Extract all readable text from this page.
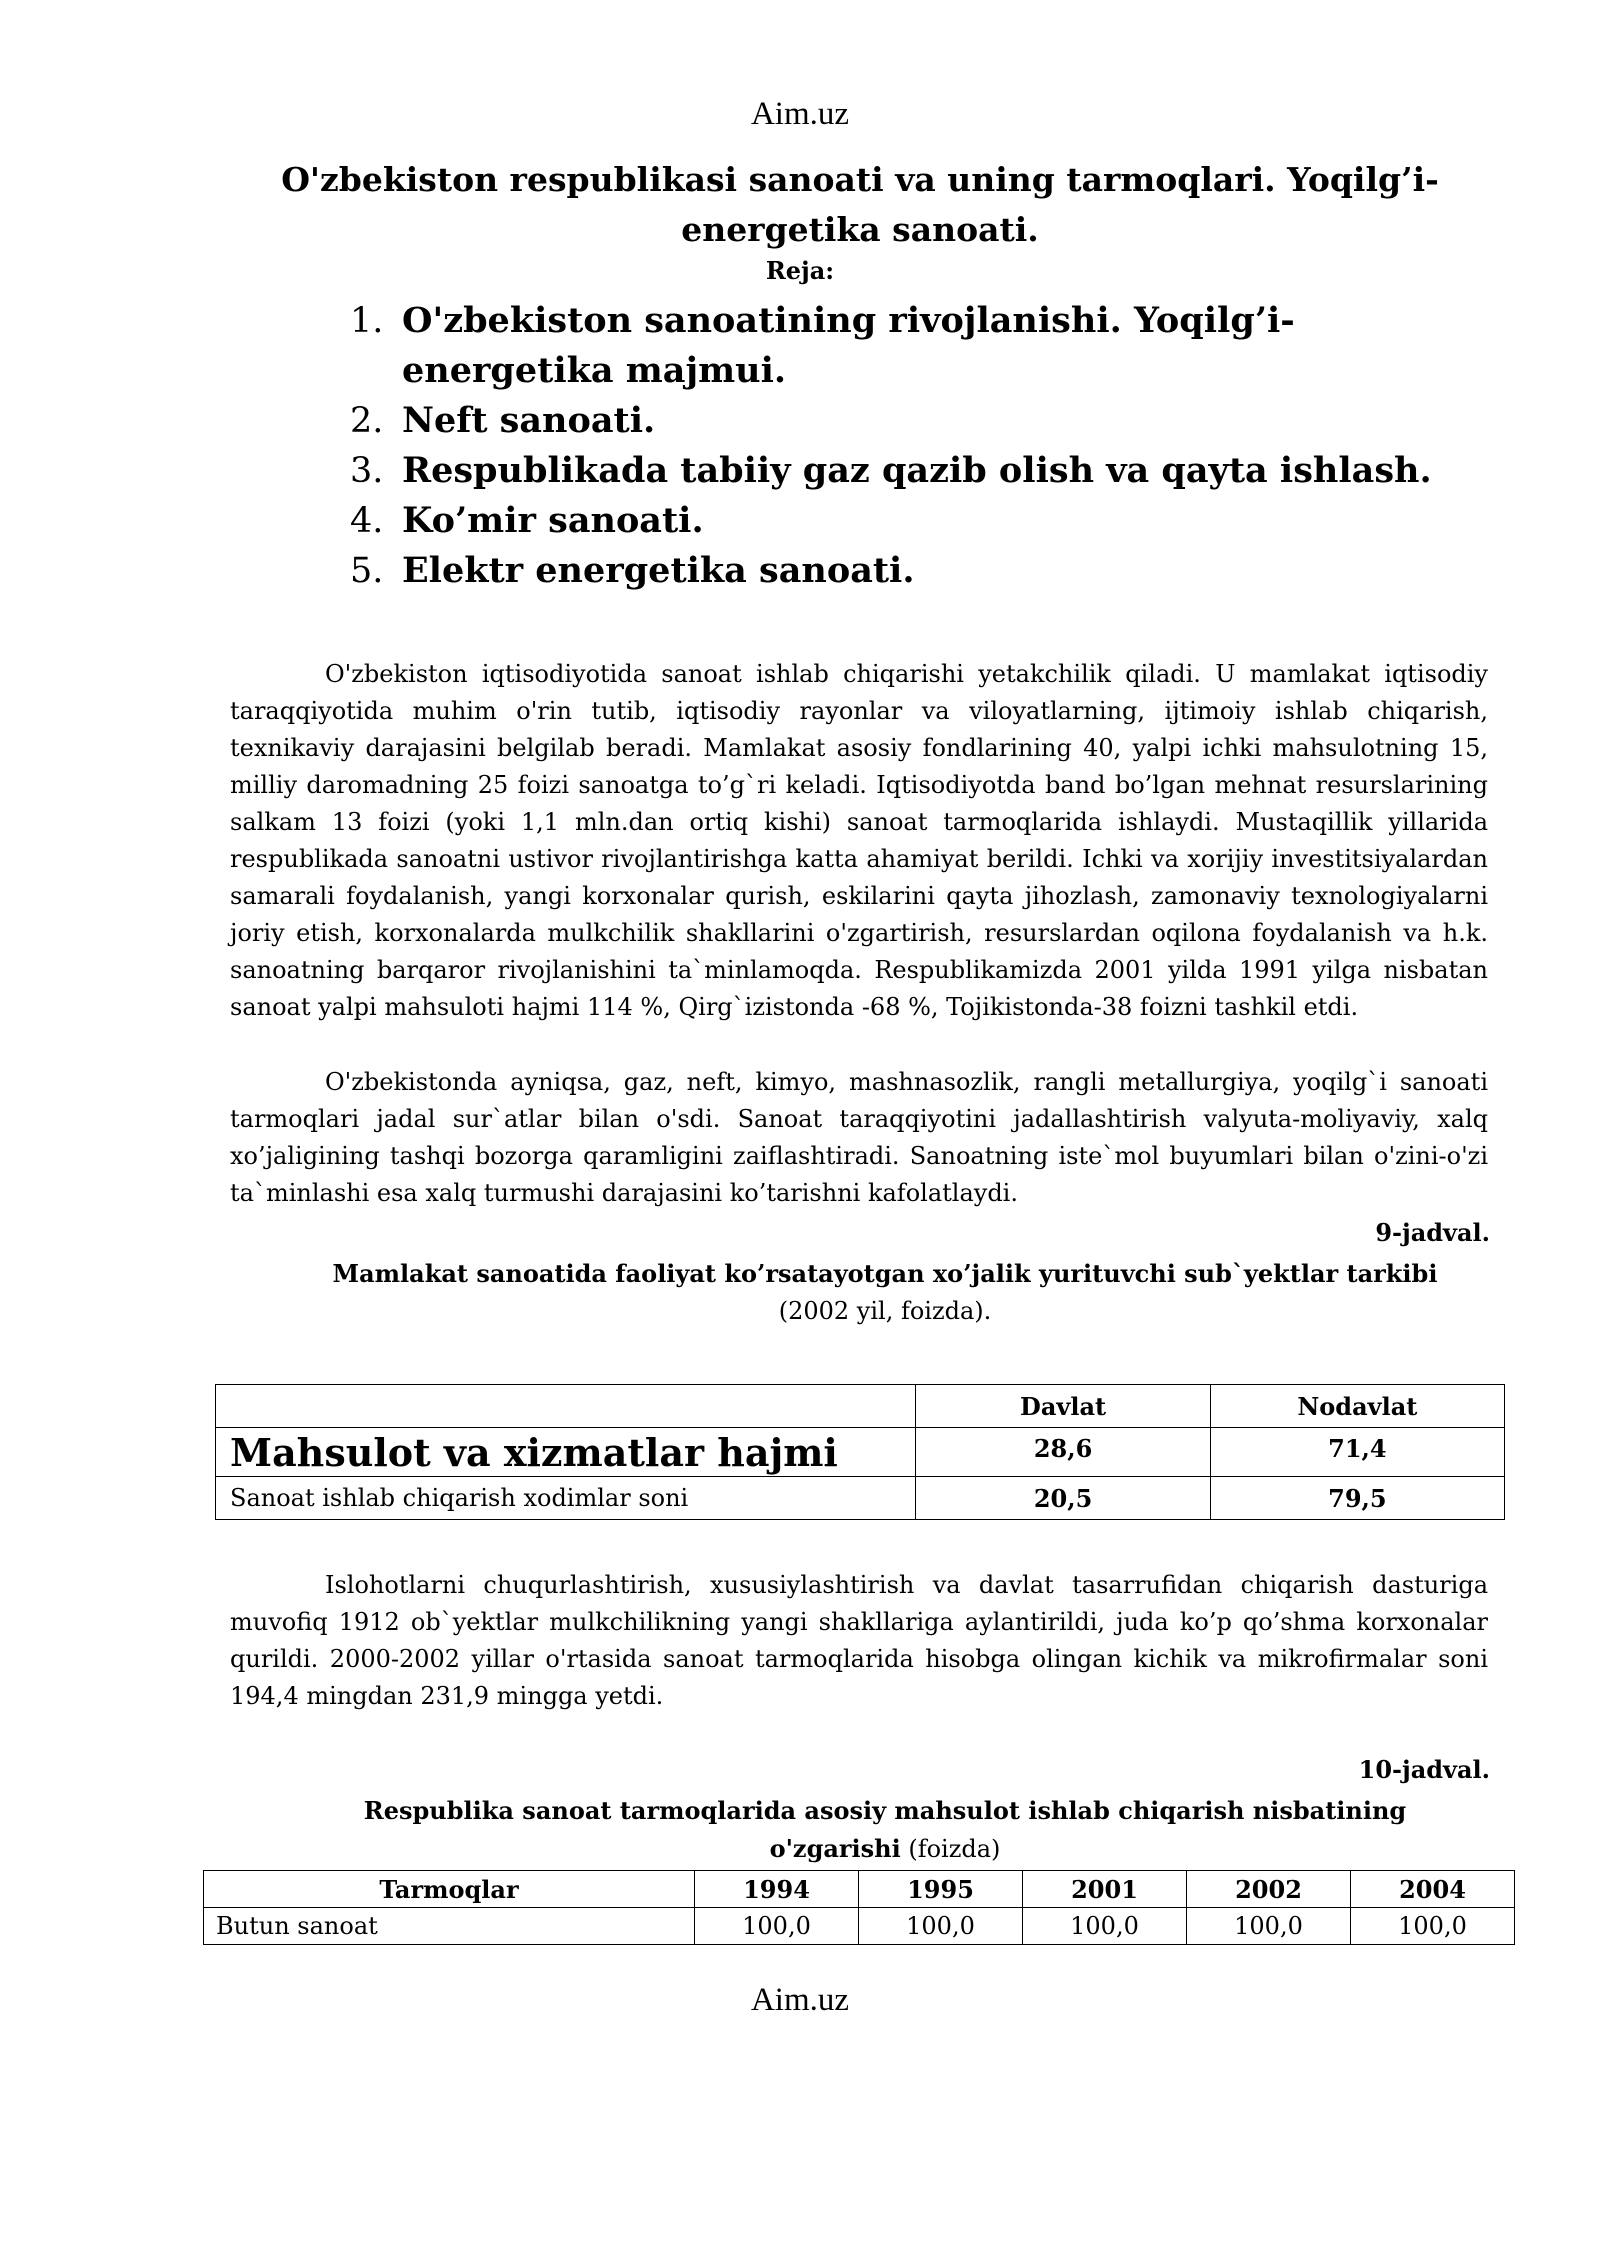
Aim.uz
O'zbekiston respublikasi sanoati va uning tarmoqlari. Yoqilg’i-energetika sanoati.
Reja:
1. O'zbekiston sanoatining rivojlanishi. Yoqilg’i-energetika majmui.
2. Neft sanoati.
3. Respublikada tabiiy gaz qazib olish va qayta ishlash.
4. Ko’mir sanoati.
5. Elektr energetika sanoati.

O'zbekiston iqtisodiyotida sanoat ishlab chiqarishi yetakchilik qiladi. U mamlakat iqtisodiy taraqqiyotida muhim o'rin tutib, iqtisodiy rayonlar va viloyatlarning, ijtimoiy ishlab chiqarish, texnikaviy darajasini belgilab beradi. Mamlakat asosiy fondlarining 40, yalpi ichki mahsulotning 15, milliy daromadning 25 foizi sanoatga to’g`ri keladi. Iqtisodiyotda band bo’lgan mehnat resurslarining salkam 13 foizi (yoki 1,1 mln.dan ortiq kishi) sanoat tarmoqlarida ishlaydi. Mustaqillik yillarida respublikada sanoatni ustivor rivojlantirishga katta ahamiyat berildi. Ichki va xorijiy investitsiyalardan samarali foydalanish, yangi korxonalar qurish, eskilarini qayta jihozlash, zamonaviy texnologiyalarni joriy etish, korxonalarda mulkchilik shakllarini o'zgartirish, resurslardan oqilona foydalanish va h.k. sanoatning barqaror rivojlanishini ta`minlamoqda. Respublikamizda 2001 yilda 1991 yilga nisbatan sanoat yalpi mahsuloti hajmi 114 %, Qirg`izistonda -68 %, Tojikistonda-38 foizni tashkil etdi.

O'zbekistonda ayniqsa, gaz, neft, kimyo, mashnasozlik, rangli metallurgiya, yoqilg`i sanoati tarmoqlari jadal sur`atlar bilan o'sdi. Sanoat taraqqiyotini jadallashtirish valyuta-moliyaviy, xalq xo’jaligining tashqi bozorga qaramligini zaiflashtiradi. Sanoatning iste`mol buyumlari bilan o'zini-o'zi ta`minlashi esa xalq turmushi darajasini ko’tarishni kafolatlaydi.

9-jadval.
Mamlakat sanoatida faoliyat ko’rsatayotgan xo’jalik yurituvchi sub`yektlar tarkibi
(2002 yil, foizda).
	Davlat	Nodavlat
Mahsulot va xizmatlar hajmi	28,6	71,4
Sanoat ishlab chiqarish xodimlar soni	20,5	79,5

Islohotlarni chuqurlashtirish, xususiylashtirish va davlat tasarrufidan chiqarish dasturiga muvofiq 1912 ob`yektlar mulkchilikning yangi shakllariga aylantirildi, juda ko’p qo’shma korxonalar qurildi. 2000-2002 yillar o'rtasida sanoat tarmoqlarida hisobga olingan kichik va mikrofirmalar soni 194,4 mingdan 231,9 mingga yetdi.

10-jadval.
Respublika sanoat tarmoqlarida asosiy mahsulot ishlab chiqarish nisbatining o'zgarishi (foizda)
Tarmoqlar	1994	1995	2001	2002	2004
Butun sanoat	100,0	100,0	100,0	100,0	100,0
Aim.uz
